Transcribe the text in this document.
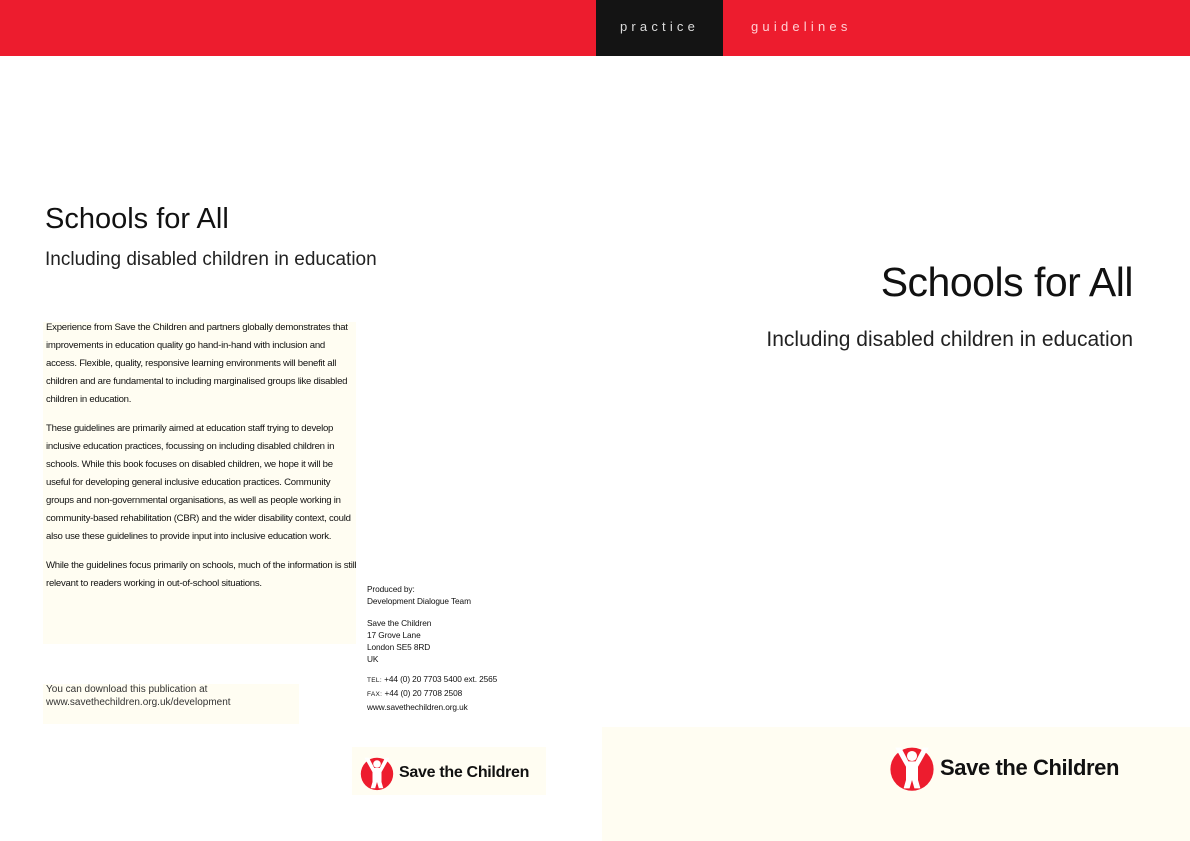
practice	guidelines
Schools for All
Including disabled children in education

Experience from Save the Children and partners globally demonstrates that improvements in education quality go hand-in-hand with inclusion and access. Flexible, quality, responsive learning environments will benefit all children and are fundamental to including marginalised groups like disabled children in education.

These guidelines are primarily aimed at education staff trying to develop inclusive education practices, focussing on including disabled children in schools. While this book focuses on disabled children, we hope it will be useful for developing general inclusive education practices. Community groups and non-governmental organisations, as well as people working in community-based rehabilitation (CBR) and the wider disability context, could also use these guidelines to provide input into inclusive education work.

While the guidelines focus primarily on schools, much of the information is still relevant to readers working in out-of-school situations.

You can download this publication at
www.savethechildren.org.uk/development
Produced by:
Development Dialogue Team
Save the Children
17 Grove Lane
London SE5 8RD
UK
TEL: +44 (0) 20 7703 5400 ext. 2565
FAX: +44 (0) 20 7708 2508
www.savethechildren.org.uk
Save the Children
Schools for All
Including disabled children in education
Save the Children
